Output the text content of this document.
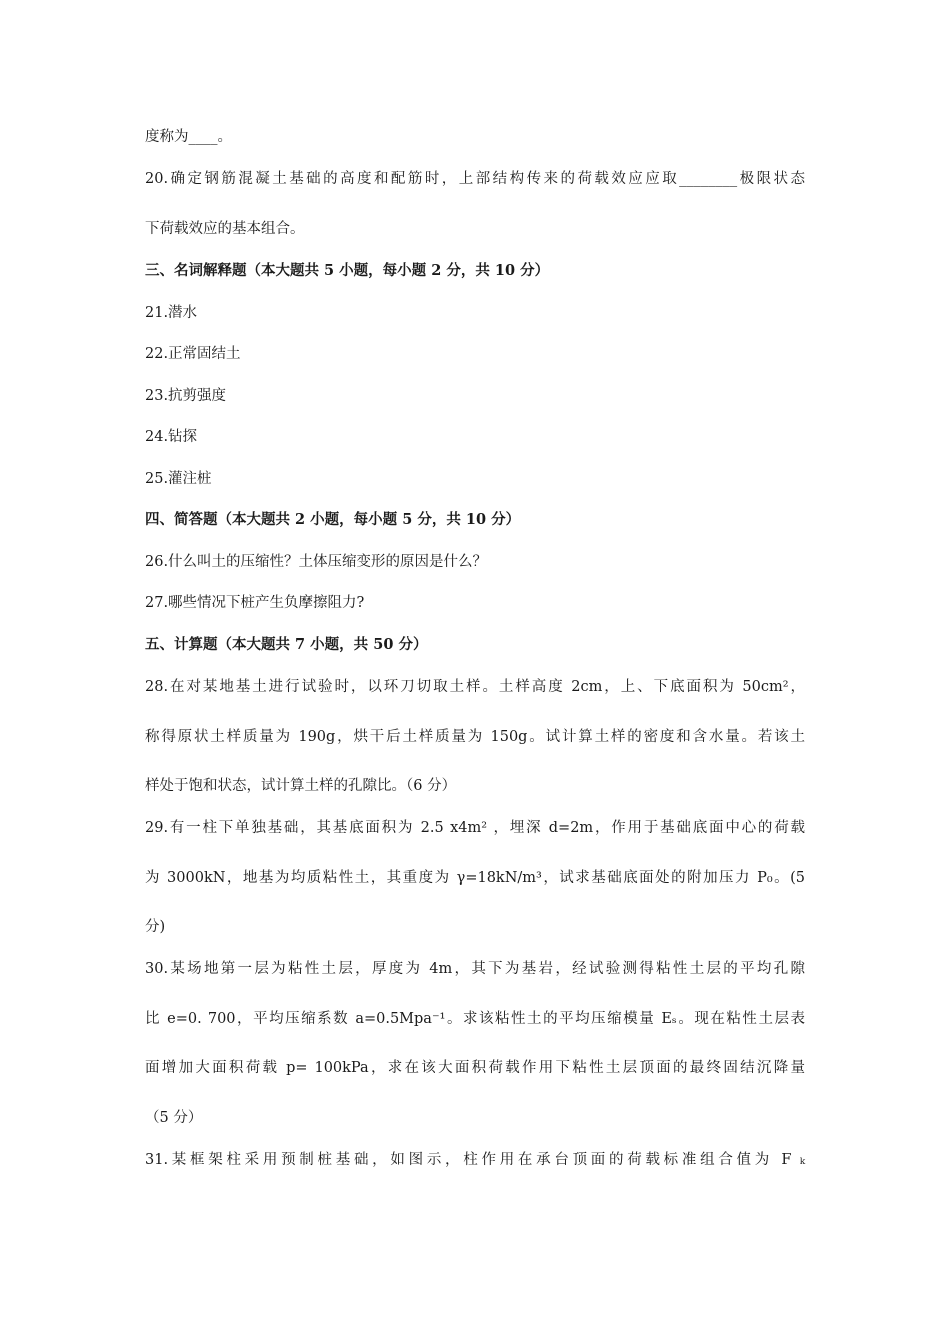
度称为____。
20.确定钢筋混凝土基础的高度和配筋时，上部结构传来的荷载效应应取________极限状态
下荷载效应的基本组合。
三、名词解释题（本大题共 5 小题，每小题 2 分，共 10 分）
21.潜水
22.正常固结土
23.抗剪强度
24.钻探
25.灌注桩
四、简答题（本大题共 2 小题，每小题 5 分，共 10 分）
26.什么叫土的压缩性？土体压缩变形的原因是什么？
27.哪些情况下桩产生负摩擦阻力?
五、计算题（本大题共 7 小题，共 50 分）
28.在对某地基土进行试验时，以环刀切取土样。土样高度 2cm，上、下底面积为 50cm²，
称得原状土样质量为 190g，烘干后土样质量为 150g。试计算土样的密度和含水量。若该土
样处于饱和状态，试计算土样的孔隙比。（6 分）
29.有一柱下单独基础，其基底面积为 2.5 x4m² ，埋深 d=2m，作用于基础底面中心的荷载
为 3000kN，地基为均质粘性土，其重度为 γ=18kN/m³，试求基础底面处的附加压力 P₀。(5
分)
30.某场地第一层为粘性土层，厚度为 4m，其下为基岩，经试验测得粘性土层的平均孔隙
比 e=0. 700，平均压缩系数 a=0.5Mpa⁻¹。求该粘性土的平均压缩模量 Eₛ。现在粘性土层表
面增加大面积荷载 p= 100kPa，求在该大面积荷载作用下粘性土层顶面的最终固结沉降量
（5 分）
31.某框架柱采用预制桩基础，如图示，柱作用在承台顶面的荷载标准组合值为 F ₖ
